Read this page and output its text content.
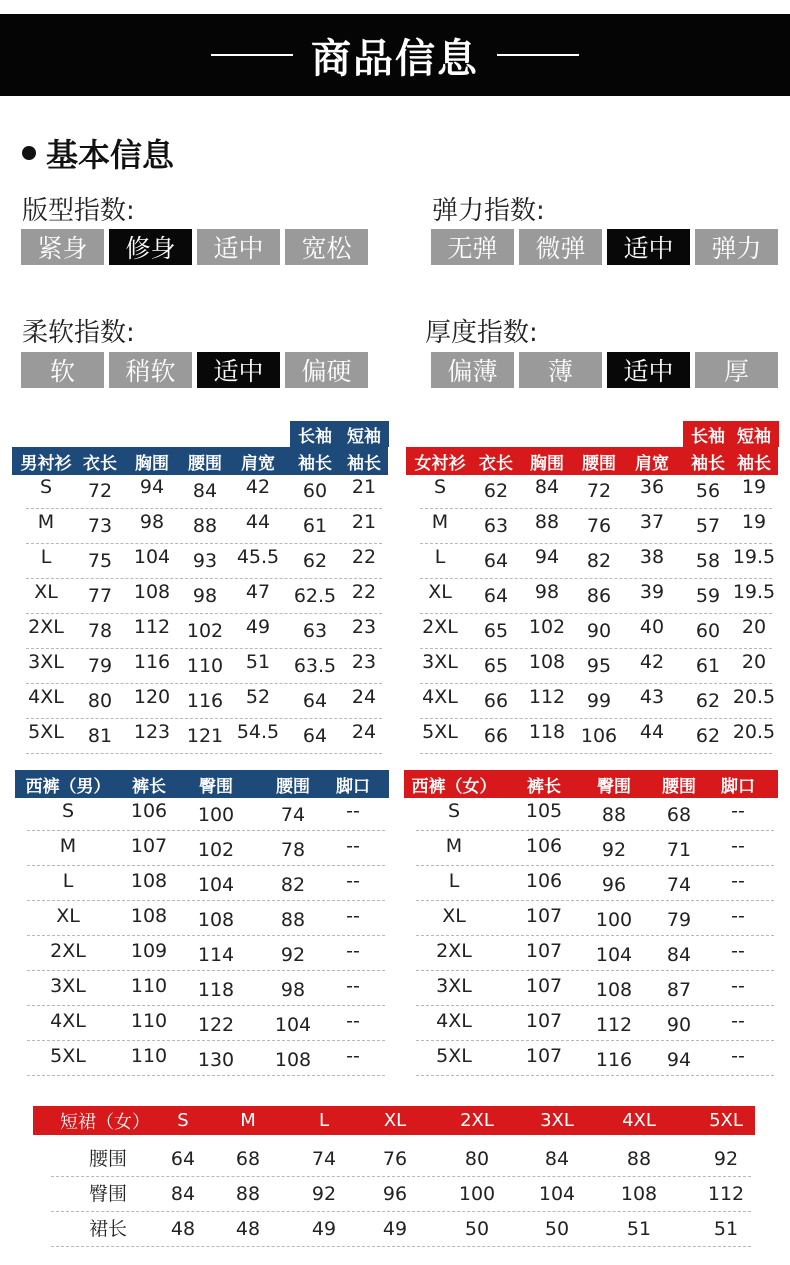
商品信息
基本信息
版型指数:
紧身	修身	适中	宽松
弹力指数:
无弹	微弹	适中	弹力
柔软指数:
软	稍软	适中	偏硬
厚度指数:
偏薄	薄	适中	厚
长袖 短袖
男衬衫 衣长	胸围	腰围	肩宽	袖长 袖长
S	72	94	84	42	60	21
M	73	98	88	44	61	21
L	75	104	93	45.5	62	22
XL	77	108	98	47	62.5 22
2XL	78	112 102	49	63	23
3XL	79	116 110	51	63.5 23
4XL	80	120 116	52	64	24
5XL	81	123 121 54.5	64	24
长袖 短袖
女衬衫 衣长	胸围	腰围	肩宽	袖长 袖长
S	62	84	72	36	56	19
M	63	88	76	37	57	19
L	64	94	82	38	58 19.5
XL	64	98	86	39	59 19.5
2XL	65	102	90	40	60	20
3XL	65	108	95	42	61	20
4XL	66	112	99	43	62 20.5
5XL	66	118 106	44	62 20.5
西裤（男）	裤长	臀围	腰围	脚口
S	106	100	74	--
M	107	102	78	--
L	108	104	82	--
XL	108	108	88	--
2XL	109	114	92	--
3XL	110	118	98	--
4XL	110	122	104	--
5XL	110	130	108	--
西裤（女）	裤长	臀围	腰围	脚口
S	105	88	68	--
M	106	92	71	--
L	106	96	74	--
XL	107	100	79	--
2XL	107	104	84	--
3XL	107	108	87	--
4XL	107	112	90	--
5XL	107	116	94	--
短裙（女）	S	M	L	XL	2XL	3XL	4XL	5XL
腰围	64	68	74	76	80	84	88	92
臀围	84	88	92	96	100	104	108	112
裙长	48	48	49	49	50	50	51	51
